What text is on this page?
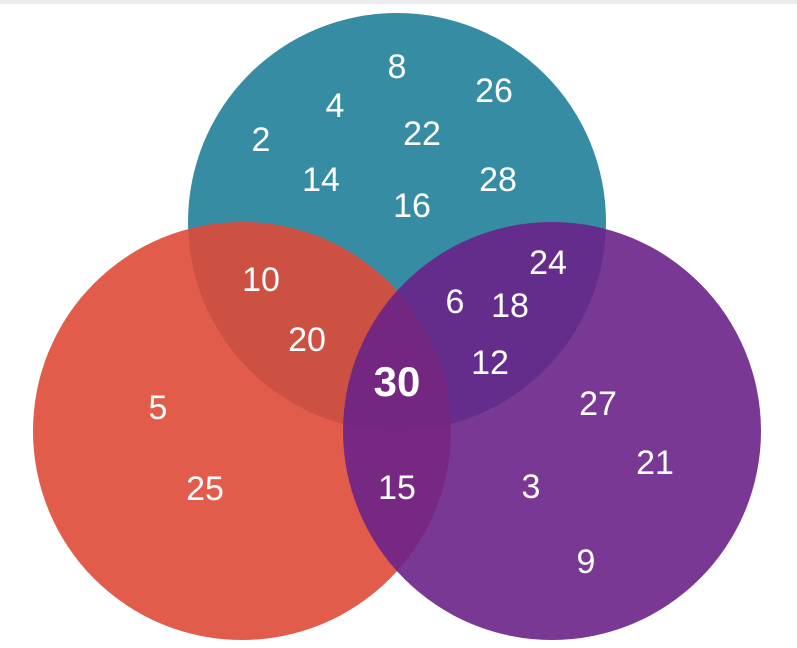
8
4	26
2	22
14	28
16
10
20
24
6 18
12
30
5
25
27
21
3
9
15
